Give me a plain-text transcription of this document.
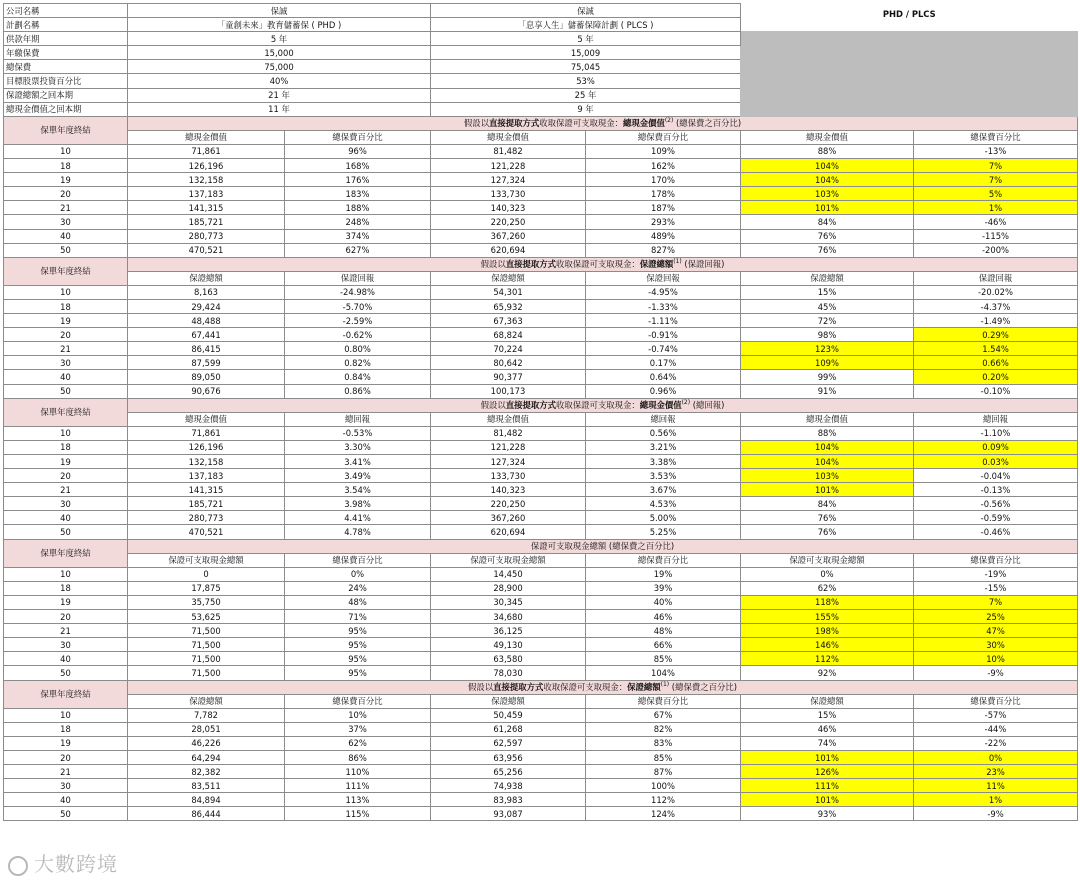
公司名稱	保誠		保誠		PHD / PLCS	
計劃名稱	「童創未來」教育儲蓄保 ( PHD )		「息享人生」儲蓄保障計劃 ( PLCS )			
供款年期	5 年		5 年			
年繳保費	15,000		15,009			
總保費	75,000		75,045			
目標股票投資百分比	40%		53%			
保證總額之回本期	21 年		25 年			
總現金價值之回本期	11 年		9 年			
保單年度終結	假設以直接提取方式收取保證可支取現金：總現金價值$^{(2)}$ (總保費之百分比)					
	總現金價值	總保費百分比	總現金價值	總保費百分比	總現金價值	總保費百分比
10	71,861	96%	81,482	109%	88%	-13%
18	126,196	168%	121,228	162%	104%	7%
19	132,158	176%	127,324	170%	104%	7%
20	137,183	183%	133,730	178%	103%	5%
21	141,315	188%	140,323	187%	101%	1%
30	185,721	248%	220,250	293%	84%	-46%
40	280,773	374%	367,260	489%	76%	-115%
50	470,521	627%	620,694	827%	76%	-200%
保單年度終結	假設以直接提取方式收取保證可支取現金：保證總額$^{(1)}$ (保證回報)					
	保證總額	保證回報	保證總額	保證回報	保證總額	保證回報
10	8,163	-24.98%	54,301	-4.95%	15%	-20.02%
18	29,424	-5.70%	65,932	-1.33%	45%	-4.37%
19	48,488	-2.59%	67,363	-1.11%	72%	-1.49%
20	67,441	-0.62%	68,824	-0.91%	98%	0.29%
21	86,415	0.80%	70,224	-0.74%	123%	1.54%
30	87,599	0.82%	80,642	0.17%	109%	0.66%
40	89,050	0.84%	90,377	0.64%	99%	0.20%
50	90,676	0.86%	100,173	0.96%	91%	-0.10%
保單年度終結	假設以直接提取方式收取保證可支取現金：總現金價值$^{(2)}$ (總回報)					
	總現金價值	總回報	總現金價值	總回報	總現金價值	總回報
10	71,861	-0.53%	81,482	0.56%	88%	-1.10%
18	126,196	3.30%	121,228	3.21%	104%	0.09%
19	132,158	3.41%	127,324	3.38%	104%	0.03%
20	137,183	3.49%	133,730	3.53%	103%	-0.04%
21	141,315	3.54%	140,323	3.67%	101%	-0.13%
30	185,721	3.98%	220,250	4.53%	84%	-0.56%
40	280,773	4.41%	367,260	5.00%	76%	-0.59%
50	470,521	4.78%	620,694	5.25%	76%	-0.46%
保單年度終結	保證可支取現金總額 (總保費之百分比)					
	保證可支取現金總額	總保費百分比	保證可支取現金總額	總保費百分比	保證可支取現金總額	總保費百分比
10	0	0%	14,450	19%	0%	-19%
18	17,875	24%	28,900	39%	62%	-15%
19	35,750	48%	30,345	40%	118%	7%
20	53,625	71%	34,680	46%	155%	25%
21	71,500	95%	36,125	48%	198%	47%
30	71,500	95%	49,130	66%	146%	30%
40	71,500	95%	63,580	85%	112%	10%
50	71,500	95%	78,030	104%	92%	-9%
保單年度終結	假設以直接提取方式收取保證可支取現金：保證總額$^{(1)}$ (總保費之百分比)					
	保證總額	總保費百分比	保證總額	總保費百分比	保證總額	總保費百分比
10	7,782	10%	50,459	67%	15%	-57%
18	28,051	37%	61,268	82%	46%	-44%
19	46,226	62%	62,597	83%	74%	-22%
20	64,294	86%	63,956	85%	101%	0%
21	82,382	110%	65,256	87%	126%	23%
30	83,511	111%	74,938	100%	111%	11%
40	84,894	113%	83,983	112%	101%	1%
50	86,444	115%	93,087	124%	93%	-9%
大數跨境
